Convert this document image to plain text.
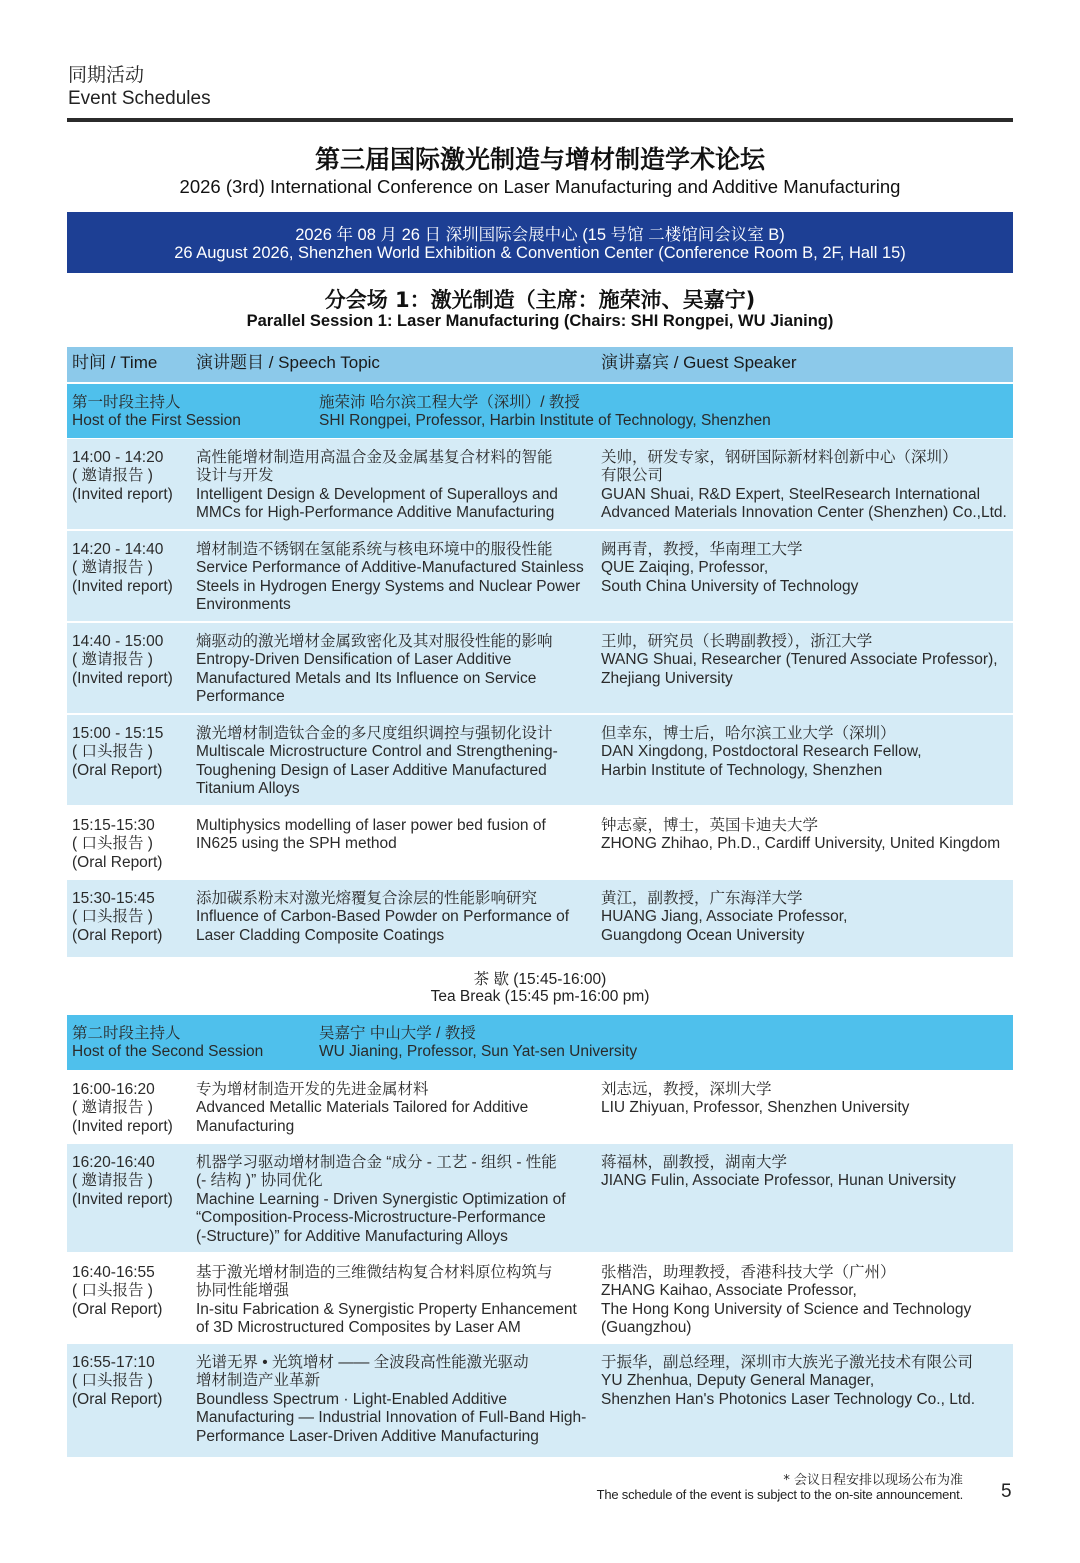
同期活动
Event Schedules
第三届国际激光制造与增材制造学术论坛
2026 (3rd) International Conference on Laser Manufacturing and Additive Manufacturing
2026 年 08 月 26 日 深圳国际会展中心 (15 号馆 二楼馆间会议室 B)
26 August 2026, Shenzhen World Exhibition & Convention Center (Conference Room B, 2F, Hall 15)
分会场 1：激光制造（主席：施荣沛、吴嘉宁)
Parallel Session 1: Laser Manufacturing (Chairs: SHI Rongpei, WU Jianing)
时间 / Time	演讲题目 / Speech Topic	演讲嘉宾 / Guest Speaker
第一时段主持人
Host of the First Session
施荣沛 哈尔滨工程大学（深圳）/ 教授
SHI Rongpei, Professor, Harbin Institute of Technology, Shenzhen
14:00 - 14:20
( 邀请报告 )
(Invited report)
高性能增材制造用高温合金及金属基复合材料的智能
设计与开发
Intelligent Design & Development of Superalloys and
MMCs for High-Performance Additive Manufacturing
关帅，研发专家，钢研国际新材料创新中心（深圳）
有限公司
GUAN Shuai, R&D Expert, SteelResearch International
Advanced Materials Innovation Center (Shenzhen) Co.,Ltd.
14:20 - 14:40
( 邀请报告 )
(Invited report)
增材制造不锈钢在氢能系统与核电环境中的服役性能
Service Performance of Additive-Manufactured Stainless
Steels in Hydrogen Energy Systems and Nuclear Power
Environments
阙再青，教授，华南理工大学
QUE Zaiqing, Professor,
South China University of Technology
14:40 - 15:00
( 邀请报告 )
(Invited report)
熵驱动的激光增材金属致密化及其对服役性能的影响
Entropy-Driven Densification of Laser Additive
Manufactured Metals and Its Influence on Service
Performance
王帅，研究员（长聘副教授），浙江大学
WANG Shuai, Researcher (Tenured Associate Professor),
Zhejiang University
15:00 - 15:15
( 口头报告 )
(Oral Report)
激光增材制造钛合金的多尺度组织调控与强韧化设计
Multiscale Microstructure Control and Strengthening-
Toughening Design of Laser Additive Manufactured
Titanium Alloys
但幸东，博士后，哈尔滨工业大学（深圳）
DAN Xingdong, Postdoctoral Research Fellow,
Harbin Institute of Technology, Shenzhen
15:15-15:30
( 口头报告 )
(Oral Report)
Multiphysics modelling of laser power bed fusion of
IN625 using the SPH method
钟志豪，博士，英国卡迪夫大学
ZHONG Zhihao, Ph.D., Cardiff University, United Kingdom
15:30-15:45
( 口头报告 )
(Oral Report)
添加碳系粉末对激光熔覆复合涂层的性能影响研究
Influence of Carbon-Based Powder on Performance of
Laser Cladding Composite Coatings
黄江，副教授，广东海洋大学
HUANG Jiang, Associate Professor,
Guangdong Ocean University
茶 歇 (15:45-16:00)
Tea Break (15:45 pm-16:00 pm)
第二时段主持人
Host of the Second Session
吴嘉宁 中山大学 / 教授
WU Jianing, Professor, Sun Yat-sen University
16:00-16:20
( 邀请报告 )
(Invited report)
专为增材制造开发的先进金属材料
Advanced Metallic Materials Tailored for Additive
Manufacturing
刘志远，教授，深圳大学
LIU Zhiyuan, Professor, Shenzhen University
16:20-16:40
( 邀请报告 )
(Invited report)
机器学习驱动增材制造合金 “成分 - 工艺 - 组织 - 性能
(- 结构 )” 协同优化
Machine Learning - Driven Synergistic Optimization of
“Composition-Process-Microstructure-Performance
(-Structure)” for Additive Manufacturing Alloys
蒋福林，副教授，湖南大学
JIANG Fulin, Associate Professor, Hunan University
16:40-16:55
( 口头报告 )
(Oral Report)
基于激光增材制造的三维微结构复合材料原位构筑与
协同性能增强
In-situ Fabrication & Synergistic Property Enhancement
of 3D Microstructured Composites by Laser AM
张楷浩，助理教授，香港科技大学（广州）
ZHANG Kaihao, Associate Professor,
The Hong Kong University of Science and Technology
(Guangzhou)
16:55-17:10
( 口头报告 )
(Oral Report)
光谱无界 • 光筑增材 —— 全波段高性能激光驱动
增材制造产业革新
Boundless Spectrum · Light-Enabled Additive
Manufacturing — Industrial Innovation of Full-Band High-
Performance Laser-Driven Additive Manufacturing
于振华，副总经理，深圳市大族光子激光技术有限公司
YU Zhenhua, Deputy General Manager,
Shenzhen Han's Photonics Laser Technology Co., Ltd.
* 会议日程安排以现场公布为准
The schedule of the event is subject to the on-site announcement. 5
